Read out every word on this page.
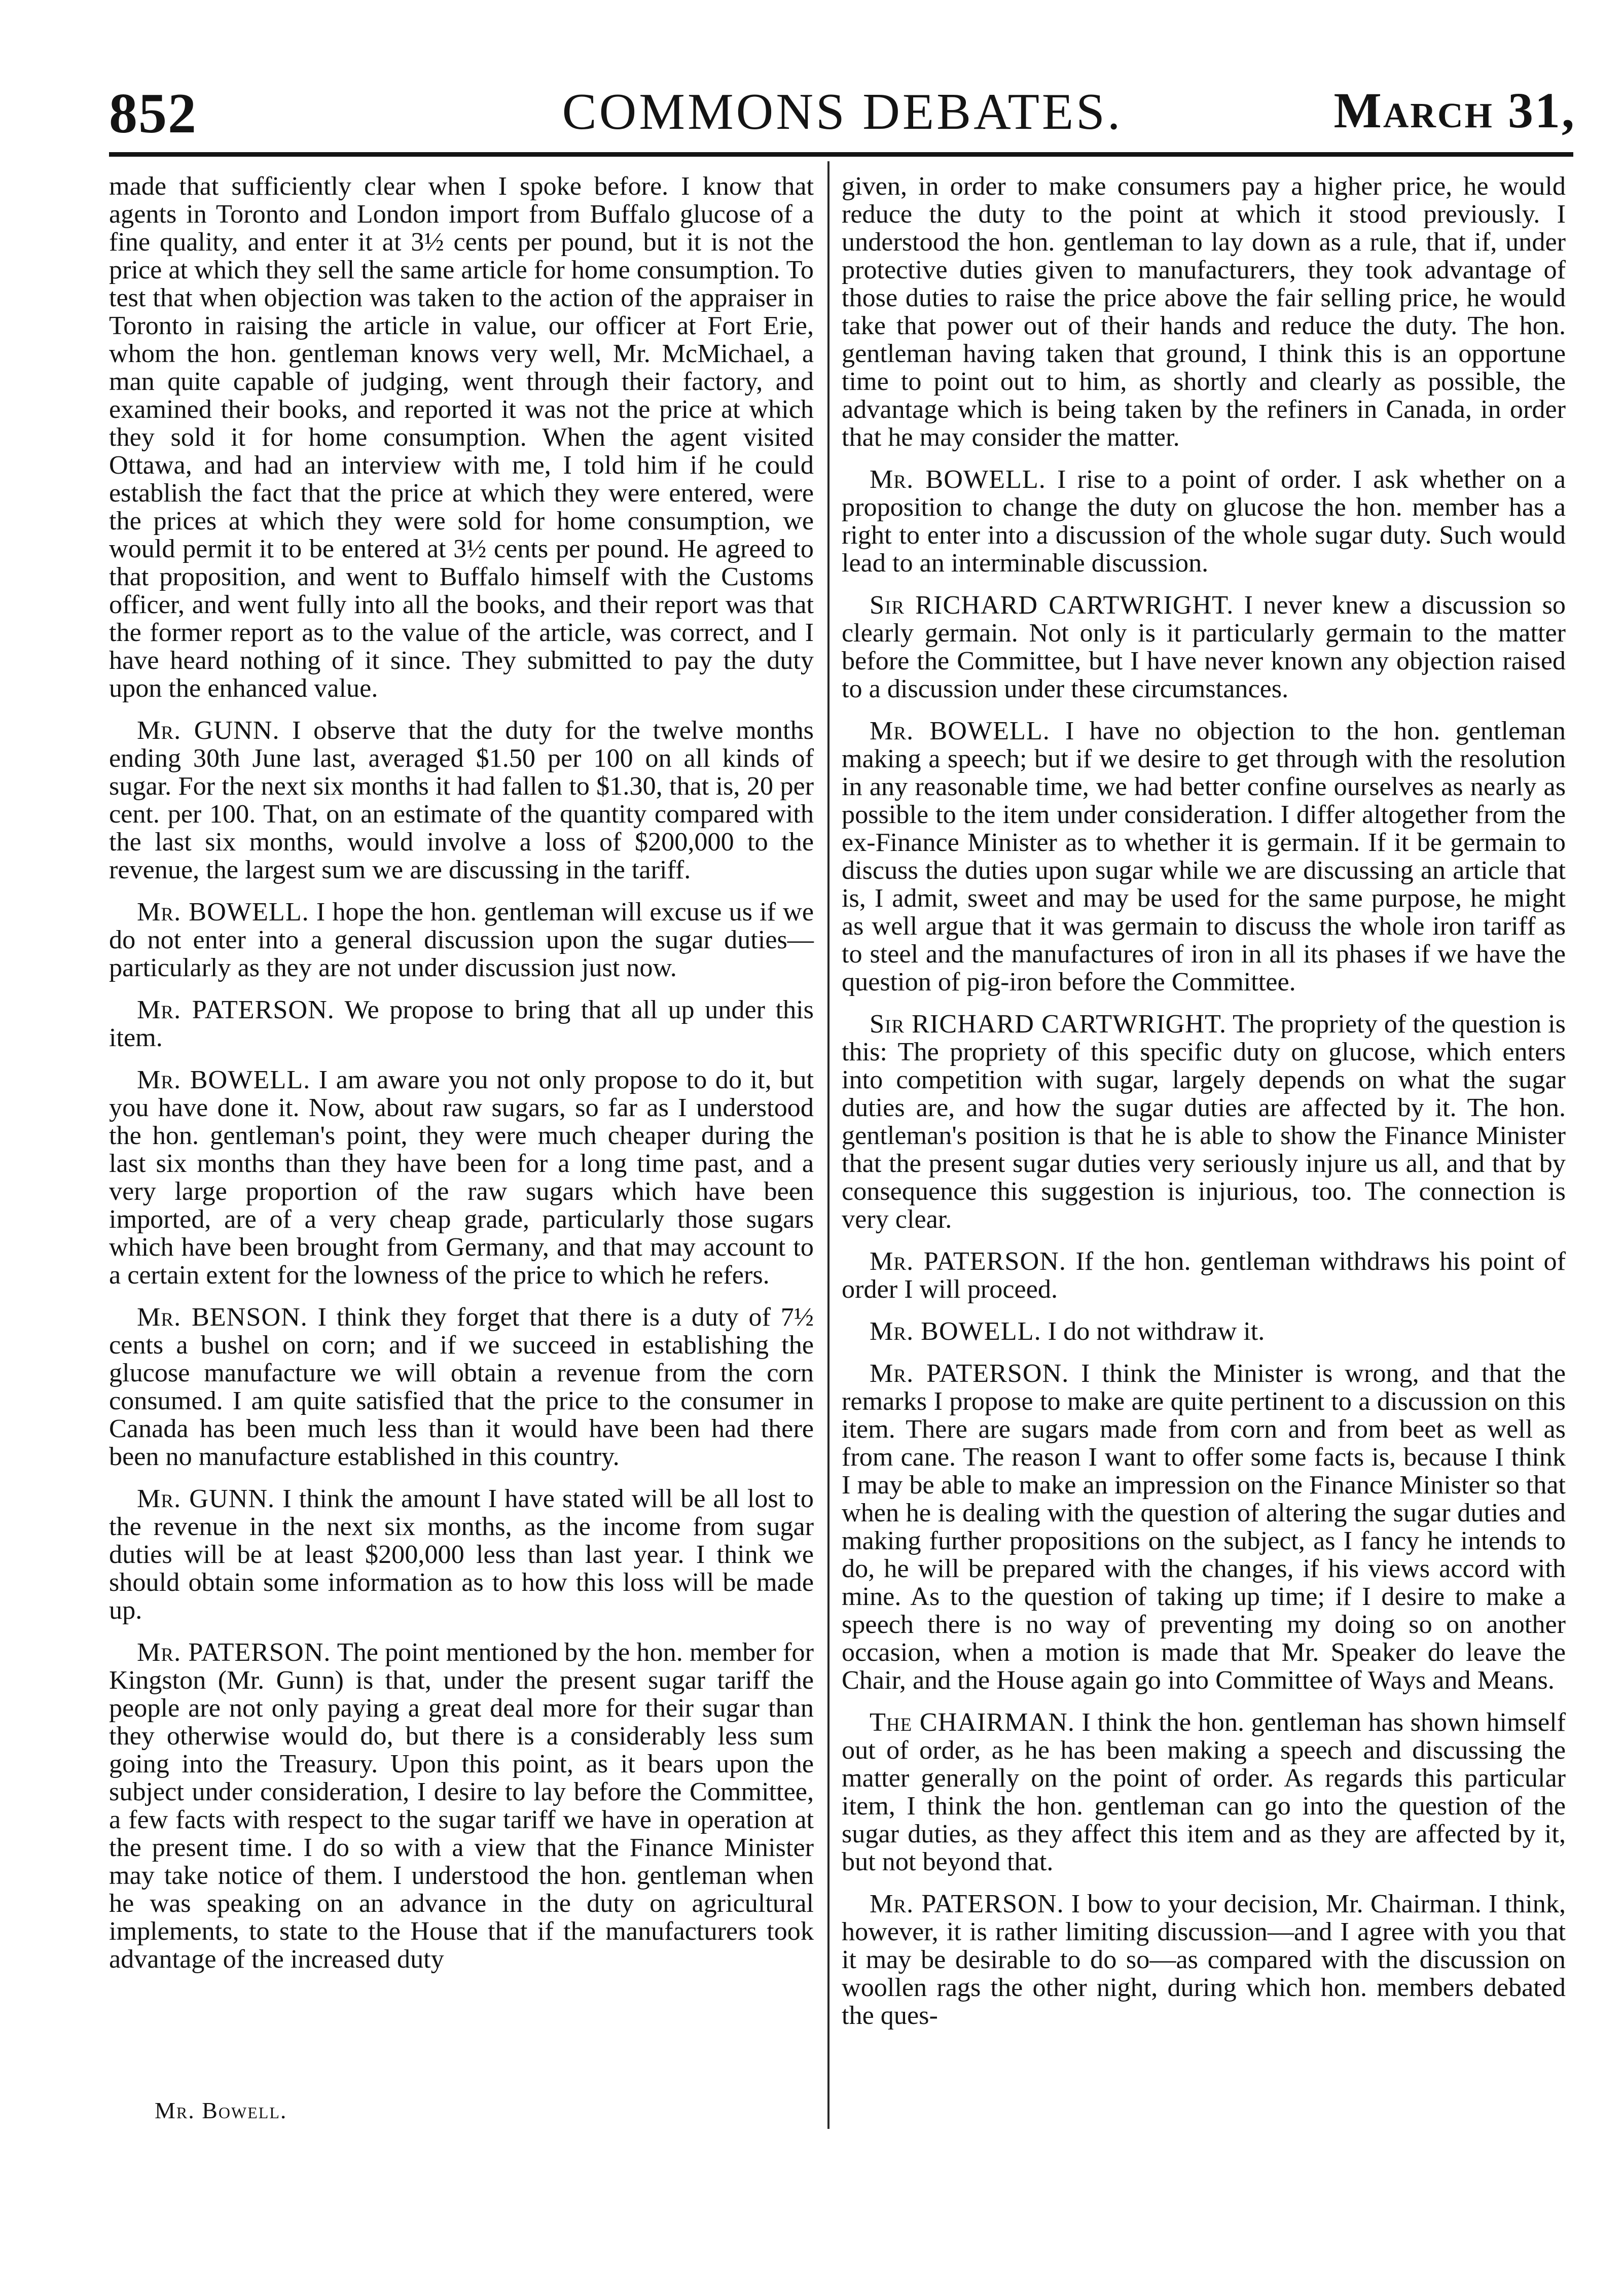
852	COMMONS DEBATES.	March 31,

made that sufficiently clear when I spoke before. I know that agents in Toronto and London import from Buffalo glucose of a fine quality, and enter it at 3½ cents per pound, but it is not the price at which they sell the same article for home consumption. To test that when objection was taken to the action of the appraiser in Toronto in raising the article in value, our officer at Fort Erie, whom the hon. gentleman knows very well, Mr. McMichael, a man quite capable of judging, went through their factory, and examined their books, and reported it was not the price at which they sold it for home consumption. When the agent visited Ottawa, and had an interview with me, I told him if he could establish the fact that the price at which they were entered, were the prices at which they were sold for home consumption, we would permit it to be entered at 3½ cents per pound. He agreed to that proposition, and went to Buffalo himself with the Customs officer, and went fully into all the books, and their report was that the former report as to the value of the article, was correct, and I have heard nothing of it since. They submitted to pay the duty upon the enhanced value.

Mr. GUNN. I observe that the duty for the twelve months ending 30th June last, averaged $1.50 per 100 on all kinds of sugar. For the next six months it had fallen to $1.30, that is, 20 per cent. per 100. That, on an estimate of the quantity compared with the last six months, would involve a loss of $200,000 to the revenue, the largest sum we are discussing in the tariff.

Mr. BOWELL. I hope the hon. gentleman will excuse us if we do not enter into a general discussion upon the sugar duties—particularly as they are not under discussion just now.

Mr. PATERSON. We propose to bring that all up under this item.

Mr. BOWELL. I am aware you not only propose to do it, but you have done it. Now, about raw sugars, so far as I understood the hon. gentleman's point, they were much cheaper during the last six months than they have been for a long time past, and a very large proportion of the raw sugars which have been imported, are of a very cheap grade, particularly those sugars which have been brought from Germany, and that may account to a certain extent for the lowness of the price to which he refers.

Mr. BENSON. I think they forget that there is a duty of 7½ cents a bushel on corn; and if we succeed in establishing the glucose manufacture we will obtain a revenue from the corn consumed. I am quite satisfied that the price to the consumer in Canada has been much less than it would have been had there been no manufacture established in this country.

Mr. GUNN. I think the amount I have stated will be all lost to the revenue in the next six months, as the income from sugar duties will be at least $200,000 less than last year. I think we should obtain some information as to how this loss will be made up.

Mr. PATERSON. The point mentioned by the hon. member for Kingston (Mr. Gunn) is that, under the present sugar tariff the people are not only paying a great deal more for their sugar than they otherwise would do, but there is a considerably less sum going into the Treasury. Upon this point, as it bears upon the subject under consideration, I desire to lay before the Committee, a few facts with respect to the sugar tariff we have in operation at the present time. I do so with a view that the Finance Minister may take notice of them. I understood the hon. gentleman when he was speaking on an advance in the duty on agricultural implements, to state to the House that if the manufacturers took advantage of the increased duty

Mr. Bowell.

given, in order to make consumers pay a higher price, he would reduce the duty to the point at which it stood previously. I understood the hon. gentleman to lay down as a rule, that if, under protective duties given to manufacturers, they took advantage of those duties to raise the price above the fair selling price, he would take that power out of their hands and reduce the duty. The hon. gentleman having taken that ground, I think this is an opportune time to point out to him, as shortly and clearly as possible, the advantage which is being taken by the refiners in Canada, in order that he may consider the matter.

Mr. BOWELL. I rise to a point of order. I ask whether on a proposition to change the duty on glucose the hon. member has a right to enter into a discussion of the whole sugar duty. Such would lead to an interminable discussion.

Sir RICHARD CARTWRIGHT. I never knew a discussion so clearly germain. Not only is it particularly germain to the matter before the Committee, but I have never known any objection raised to a discussion under these circumstances.

Mr. BOWELL. I have no objection to the hon. gentleman making a speech; but if we desire to get through with the resolution in any reasonable time, we had better confine ourselves as nearly as possible to the item under consideration. I differ altogether from the ex-Finance Minister as to whether it is germain. If it be germain to discuss the duties upon sugar while we are discussing an article that is, I admit, sweet and may be used for the same purpose, he might as well argue that it was germain to discuss the whole iron tariff as to steel and the manufactures of iron in all its phases if we have the question of pig-iron before the Committee.

Sir RICHARD CARTWRIGHT. The propriety of the question is this: The propriety of this specific duty on glucose, which enters into competition with sugar, largely depends on what the sugar duties are, and how the sugar duties are affected by it. The hon. gentleman's position is that he is able to show the Finance Minister that the present sugar duties very seriously injure us all, and that by consequence this suggestion is injurious, too. The connection is very clear.

Mr. PATERSON. If the hon. gentleman withdraws his point of order I will proceed.

Mr. BOWELL. I do not withdraw it.

Mr. PATERSON. I think the Minister is wrong, and that the remarks I propose to make are quite pertinent to a discussion on this item. There are sugars made from corn and from beet as well as from cane. The reason I want to offer some facts is, because I think I may be able to make an impression on the Finance Minister so that when he is dealing with the question of altering the sugar duties and making further propositions on the subject, as I fancy he intends to do, he will be prepared with the changes, if his views accord with mine. As to the question of taking up time; if I desire to make a speech there is no way of preventing my doing so on another occasion, when a motion is made that Mr. Speaker do leave the Chair, and the House again go into Committee of Ways and Means.

The CHAIRMAN. I think the hon. gentleman has shown himself out of order, as he has been making a speech and discussing the matter generally on the point of order. As regards this particular item, I think the hon. gentleman can go into the question of the sugar duties, as they affect this item and as they are affected by it, but not beyond that.

Mr. PATERSON. I bow to your decision, Mr. Chairman. I think, however, it is rather limiting discussion—and I agree with you that it may be desirable to do so—as compared with the discussion on woollen rags the other night, during which hon. members debated the ques-
